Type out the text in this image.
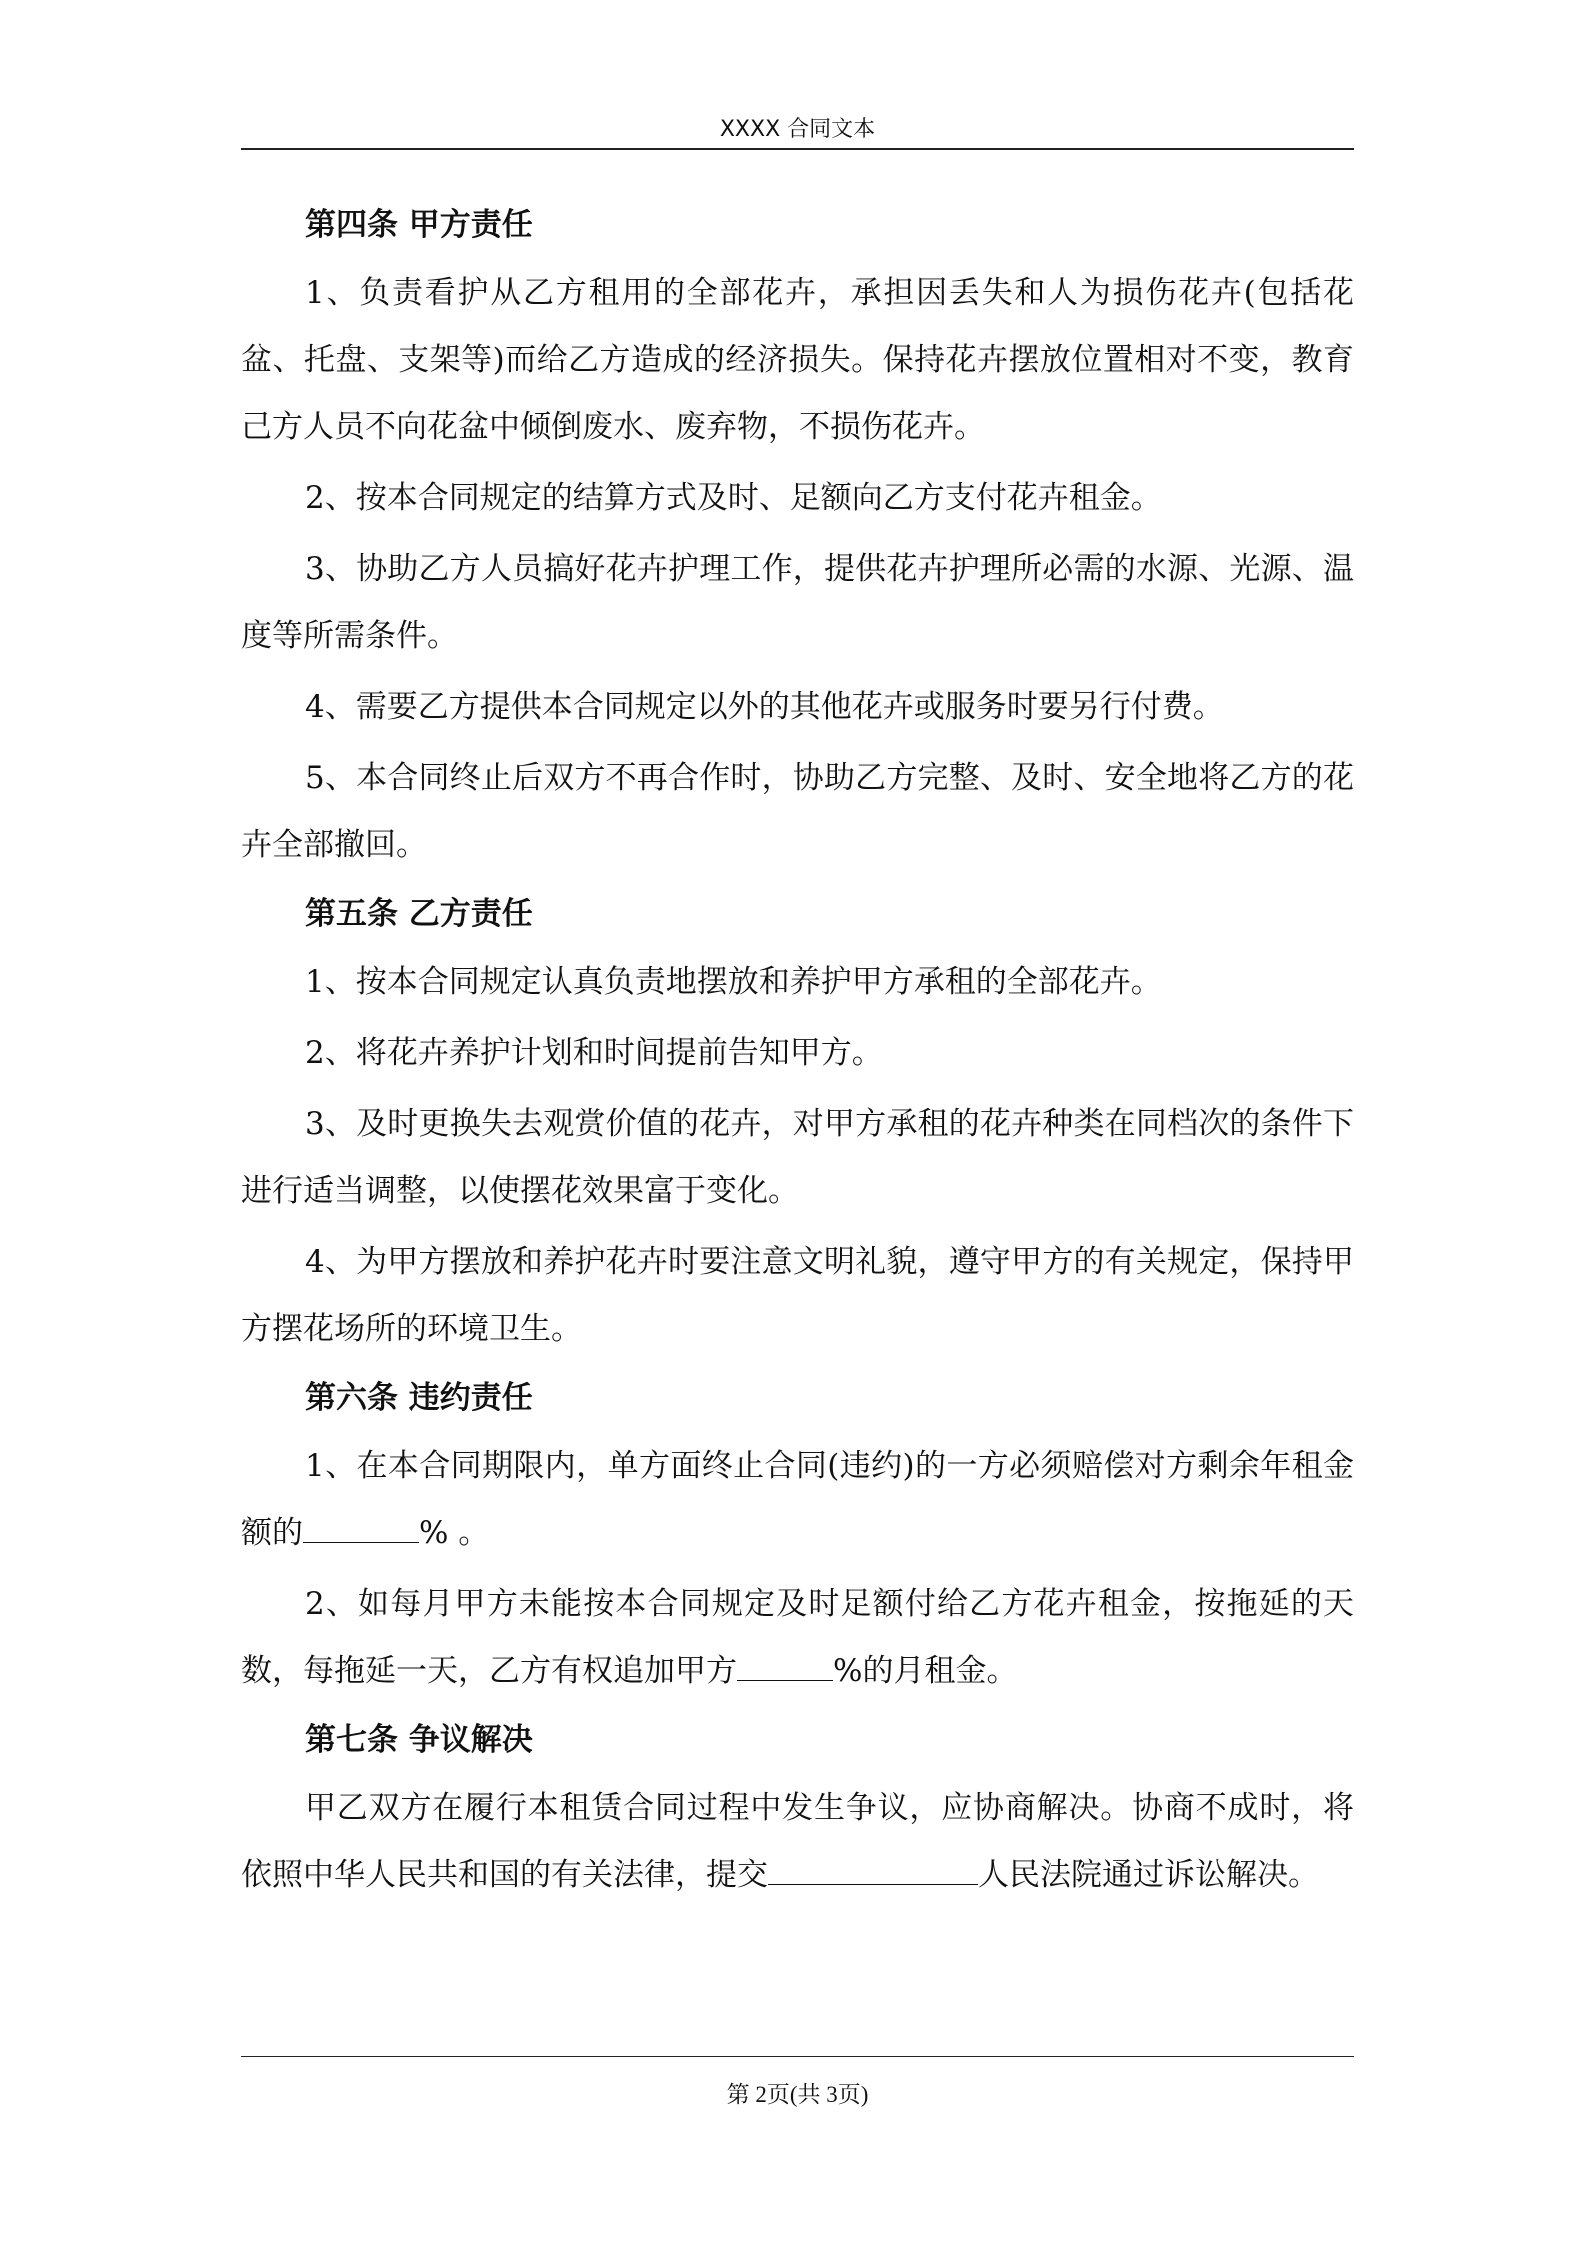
XXXX 合同文本

第四条 甲方责任

1、负责看护从乙方租用的全部花卉，承担因丢失和人为损伤花卉(包括花盆、托盘、支架等)而给乙方造成的经济损失。保持花卉摆放位置相对不变，教育己方人员不向花盆中倾倒废水、废弃物，不损伤花卉。

2、按本合同规定的结算方式及时、足额向乙方支付花卉租金。

3、协助乙方人员搞好花卉护理工作，提供花卉护理所必需的水源、光源、温度等所需条件。

4、需要乙方提供本合同规定以外的其他花卉或服务时要另行付费。

5、本合同终止后双方不再合作时，协助乙方完整、及时、安全地将乙方的花卉全部撤回。

第五条 乙方责任

1、按本合同规定认真负责地摆放和养护甲方承租的全部花卉。

2、将花卉养护计划和时间提前告知甲方。

3、及时更换失去观赏价值的花卉，对甲方承租的花卉种类在同档次的条件下进行适当调整，以使摆花效果富于变化。

4、为甲方摆放和养护花卉时要注意文明礼貌，遵守甲方的有关规定，保持甲方摆花场所的环境卫生。

第六条 违约责任

1、在本合同期限内，单方面终止合同(违约)的一方必须赔偿对方剩余年租金额的	% 。

2、如每月甲方未能按本合同规定及时足额付给乙方花卉租金，按拖延的天数，每拖延一天，乙方有权追加甲方	%的月租金。

第七条 争议解决

甲乙双方在履行本租赁合同过程中发生争议，应协商解决。协商不成时，将依照中华人民共和国的有关法律，提交	人民法院通过诉讼解决。

第 2页(共 3页)
